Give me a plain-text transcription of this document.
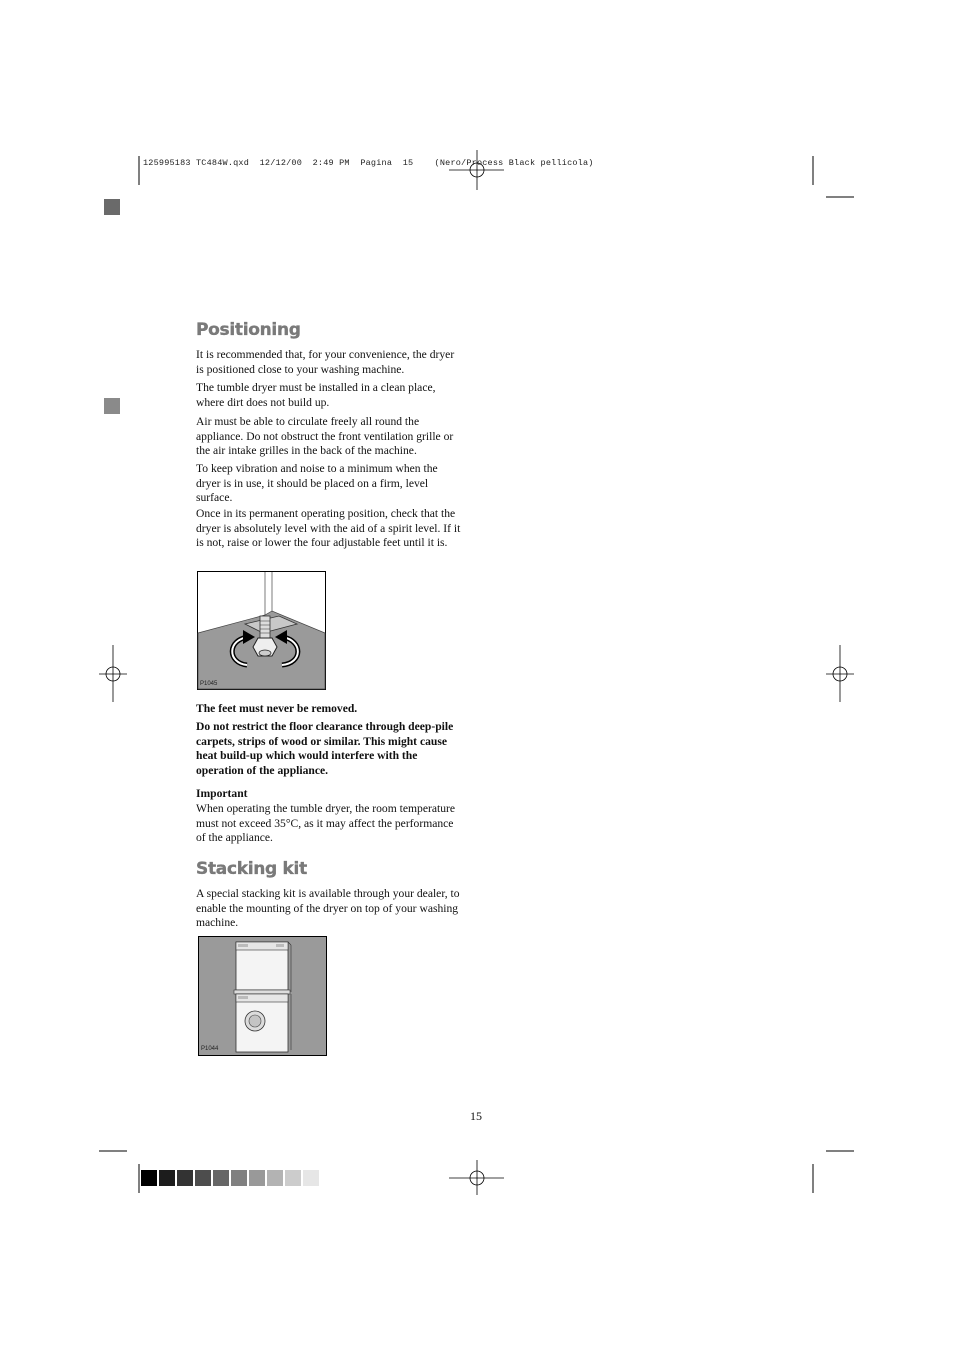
125995183 TC484W.qxd  12/12/00  2:49 PM  Pagina  15    (Nero/Process Black pellicola)
Positioning
It is recommended that, for your convenience, the dryer is positioned close to your washing machine.
The tumble dryer must be installed in a clean place, where dirt does not build up.
Air must be able to circulate freely all round the appliance. Do not obstruct the front ventilation grille or the air intake grilles in the back of the machine.
To keep vibration and noise to a minimum when the dryer is in use, it should be placed on a firm, level surface.
Once in its permanent operating position, check that the dryer is absolutely level with the aid of a spirit level. If it is not, raise or lower the four adjustable feet until it is.
P1045
The feet must never be removed.
Do not restrict the floor clearance through deep-pile carpets, strips of wood or similar. This might cause heat build-up which would interfere with the operation of the appliance.
Important
When operating the tumble dryer, the room temperature must not exceed 35°C, as it may affect the performance of the appliance.
Stacking kit
A special stacking kit is available through your dealer, to enable the mounting of the dryer on top of your washing machine.
P1044
15
